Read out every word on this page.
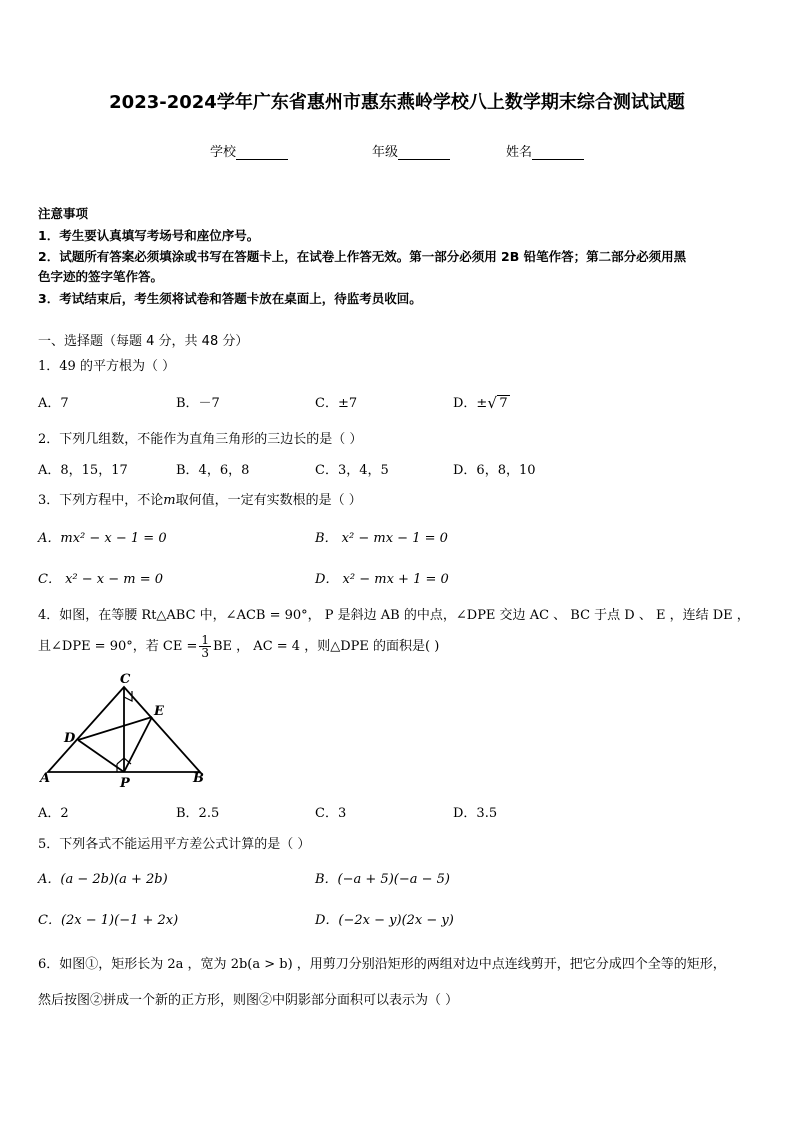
2023-2024学年广东省惠州市惠东燕岭学校八上数学期末综合测试试题
学校	年级	姓名
注意事项
1．考生要认真填写考场号和座位序号。
2．试题所有答案必须填涂或书写在答题卡上，在试卷上作答无效。第一部分必须用 2B 铅笔作答；第二部分必须用黑
色字迹的签字笔作答。
3．考试结束后，考生须将试卷和答题卡放在桌面上，待监考员收回。
一、选择题（每题 4 分，共 48 分）
1．49 的平方根为（ ）
A．7	B．－7	C．±7	D．± √ 7
2．下列几组数，不能作为直角三角形的三边长的是（ ）
A．8，15，17	B．4，6，8	C．3，4，5	D．6，8，10
3．下列方程中，不论m取何值，一定有实数根的是（ ）
A．mx² − x − 1 = 0	B． x² − mx − 1 = 0
C． x² − x − m = 0	D． x² − mx + 1 = 0
4．如图，在等腰 Rt△ABC 中，∠ACB = 90°， P 是斜边 AB 的中点，∠DPE 交边 AC 、 BC 于点 D 、 E ，连结 DE ，
且∠DPE = 90°，若 CE = $\frac{1}{3}$ BE ， AC = 4 ，则△DPE 的面积是( )
C
E
D
A	P	B
A．2	B．2.5	C．3	D．3.5
5．下列各式不能运用平方差公式计算的是（ ）
A．(a − 2b)(a + 2b)	B．(−a + 5)(−a − 5)
C．(2x − 1)(−1 + 2x)	D．(−2x − y)(2x − y)
6．如图①，矩形长为 2a ，宽为 2b(a > b) ，用剪刀分别沿矩形的两组对边中点连线剪开，把它分成四个全等的矩形，
然后按图②拼成一个新的正方形，则图②中阴影部分面积可以表示为（ ）
